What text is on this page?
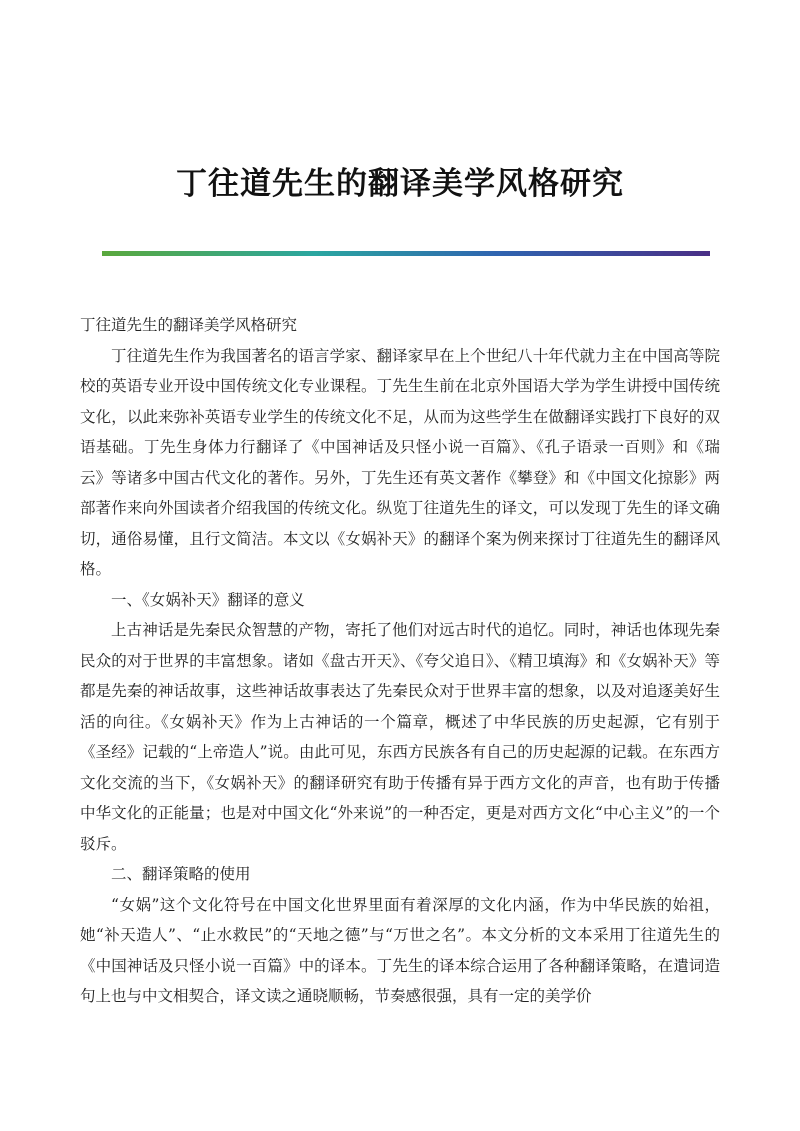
丁往道先生的翻译美学风格研究

丁往道先生的翻译美学风格研究

丁往道先生作为我国著名的语言学家、翻译家早在上个世纪八十年代就力主在中国高等院校的英语专业开设中国传统文化专业课程。丁先生生前在北京外国语大学为学生讲授中国传统文化，以此来弥补英语专业学生的传统文化不足，从而为这些学生在做翻译实践打下良好的双语基础。丁先生身体力行翻译了《中国神话及只怪小说一百篇》、《孔子语录一百则》和《瑞云》等诸多中国古代文化的著作。另外，丁先生还有英文著作《攀登》和《中国文化掠影》两部著作来向外国读者介绍我国的传统文化。纵览丁往道先生的译文，可以发现丁先生的译文确切，通俗易懂，且行文简洁。本文以《女娲补天》的翻译个案为例来探讨丁往道先生的翻译风格。

一、《女娲补天》翻译的意义

上古神话是先秦民众智慧的产物，寄托了他们对远古时代的追忆。同时，神话也体现先秦民众的对于世界的丰富想象。诸如《盘古开天》、《夸父追日》、《精卫填海》和《女娲补天》等都是先秦的神话故事，这些神话故事表达了先秦民众对于世界丰富的想象，以及对追逐美好生活的向往。《女娲补天》作为上古神话的一个篇章，概述了中华民族的历史起源，它有别于《圣经》记载的“上帝造人”说。由此可见，东西方民族各有自己的历史起源的记载。在东西方文化交流的当下，《女娲补天》的翻译研究有助于传播有异于西方文化的声音，也有助于传播中华文化的正能量；也是对中国文化“外来说”的一种否定，更是对西方文化“中心主义”的一个驳斥。

二、翻译策略的使用

“女娲”这个文化符号在中国文化世界里面有着深厚的文化内涵，作为中华民族的始祖，她“补天造人”、“止水救民”的“天地之德”与“万世之名”。本文分析的文本采用丁往道先生的《中国神话及只怪小说一百篇》中的译本。丁先生的译本综合运用了各种翻译策略，在遣词造句上也与中文相契合，译文读之通晓顺畅，节奏感很强，具有一定的美学价
